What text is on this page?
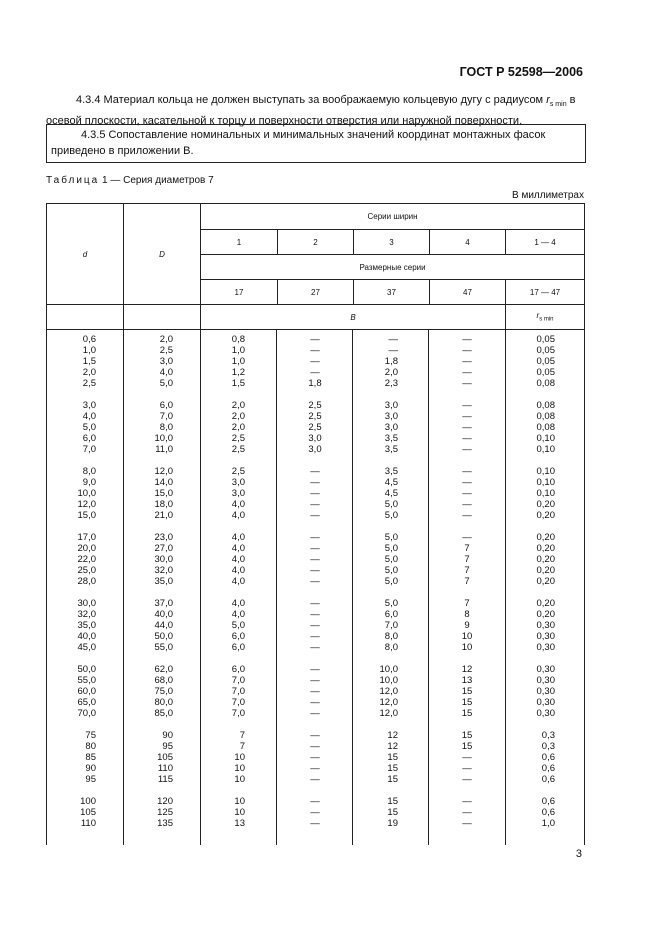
ГОСТ Р 52598—2006
4.3.4 Материал кольца не должен выступать за воображаемую кольцевую дугу с радиусом $r_{s min}$ в осевой плоскости, касательной к торцу и поверхности отверстия или наружной поверхности.
4.3.5 Сопоставление номинальных и минимальных значений координат монтажных фасок приведено в приложении В.
Таблица 1 — Серия диаметров 7
В миллиметрах
d	D	Серии ширин				
		1	2	3	4	1 — 4
		Размерные серии				
		17	27	37	47	17 — 47
		B				$r_{s min}$
0,6	2,0	0,8	—	—	—	0,05
1,0	2,5	1,0	—	—	—	0,05
1,5	3,0	1,0	—	1,8	—	0,05
2,0	4,0	1,2	—	2,0	—	0,05
2,5	5,0	1,5	1,8	2,3	—	0,08
3,0	6,0	2,0	2,5	3,0	—	0,08
4,0	7,0	2,0	2,5	3,0	—	0,08
5,0	8,0	2,0	2,5	3,0	—	0,08
6,0	10,0	2,5	3,0	3,5	—	0,10
7,0	11,0	2,5	3,0	3,5	—	0,10
8,0	12,0	2,5	—	3,5	—	0,10
9,0	14,0	3,0	—	4,5	—	0,10
10,0	15,0	3,0	—	4,5	—	0,10
12,0	18,0	4,0	—	5,0	—	0,20
15,0	21,0	4,0	—	5,0	—	0,20
17,0	23,0	4,0	—	5,0	—	0,20
20,0	27,0	4,0	—	5,0	7	0,20
22,0	30,0	4,0	—	5,0	7	0,20
25,0	32,0	4,0	—	5,0	7	0,20
28,0	35,0	4,0	—	5,0	7	0,20
30,0	37,0	4,0	—	5,0	7	0,20
32,0	40,0	4,0	—	6,0	8	0,20
35,0	44,0	5,0	—	7,0	9	0,30
40,0	50,0	6,0	—	8,0	10	0,30
45,0	55,0	6,0	—	8,0	10	0,30
50,0	62,0	6,0	—	10,0	12	0,30
55,0	68,0	7,0	—	10,0	13	0,30
60,0	75,0	7,0	—	12,0	15	0,30
65,0	80,0	7,0	—	12,0	15	0,30
70,0	85,0	7,0	—	12,0	15	0,30
75	90	7	—	12	15	0,3
80	95	7	—	12	15	0,3
85	105	10	—	15	—	0,6
90	110	10	—	15	—	0,6
95	115	10	—	15	—	0,6
100	120	10	—	15	—	0,6
105	125	10	—	15	—	0,6
110	135	13	—	19	—	1,0
3
